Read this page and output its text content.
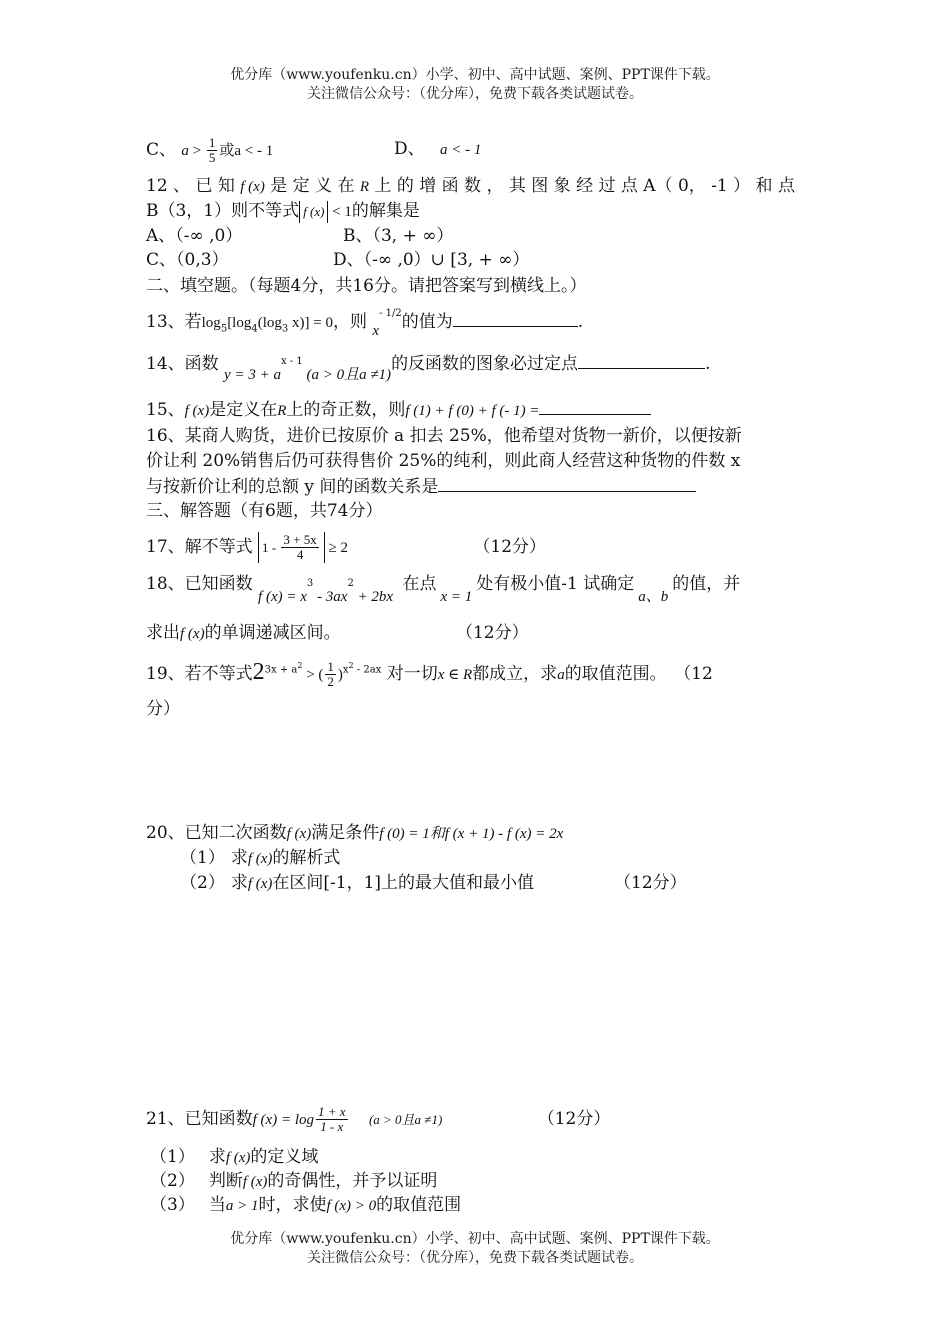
优分库（www.youfenku.cn）小学、初中、高中试题、案例、PPT课件下载。
关注微信公众号：（优分库），免费下载各类试题试卷。
C、 $a > \frac{1}{5}$ 或a < - 1	D、 a < - 1
12 、 已 知 f (x) 是 定 义 在 R 上 的 增 函 数 ， 其 图 象 经 过 点 A（ 0， -1 ） 和 点
B（3，1）则不等式 f (x) < 1的解集是
A、（-∞ ,0）	B、（3, + ∞）
C、（0,3）	D、（-∞ ,0）∪ [3, + ∞）
二、填空题。（每题4分，共16分。请把答案写到横线上。）
13、若$\log_5[\log_4(\log_3$ x)] = 0，则 $x^{- 1/2}$的值为	.
14、函数 $y = 3 + a^{x - 1}$ (a > 0且a ≠1)的反函数的图象必过定点	.
15、f (x)是定义在R上的奇正数，则f (1) + f (0) + f (- 1) =
16、某商人购货，进价已按原价 a 扣去 25%，他希望对货物一新价，以便按新
价让利 20%销售后仍可获得售价 25%的纯利，则此商人经营这种货物的件数 x
与按新价让利的总额 y 间的函数关系是
三、解答题（有6题，共74分）
17、解不等式 $1 - \frac{3 + 5x}{4} \ge 2$	（12分）
18、已知函数 f $(x) = x^3 - 3ax^2 + 2bx$ 在点x = 1处有极小值-1 试确定a、b的值，并
求出f (x)的单调递减区间。	（12分）
19、若不等式$2^{3x + a2}$ > ( $\frac{1}{2} )^{x2}$ $^{- 2ax}$ 对一切x ∈ R都成立，求a的取值范围。 （12
分）
20、已知二次函数f (x)满足条件f (0) = 1和f (x + 1) - f (x) = 2x
（1） 求f (x)的解析式
（2） 求f (x)在区间[-1，1]上的最大值和最小值	（12分）
21、已知函数f $(x) = \log \frac{1 + x}{1 - x} (a > 0$且a ≠1)	（12分）
（1） 求f (x)的定义域
（2） 判断f (x)的奇偶性，并予以证明
（3） 当a > 1时，求使f (x) > 0的取值范围
优分库（www.youfenku.cn）小学、初中、高中试题、案例、PPT课件下载。
关注微信公众号：（优分库），免费下载各类试题试卷。
